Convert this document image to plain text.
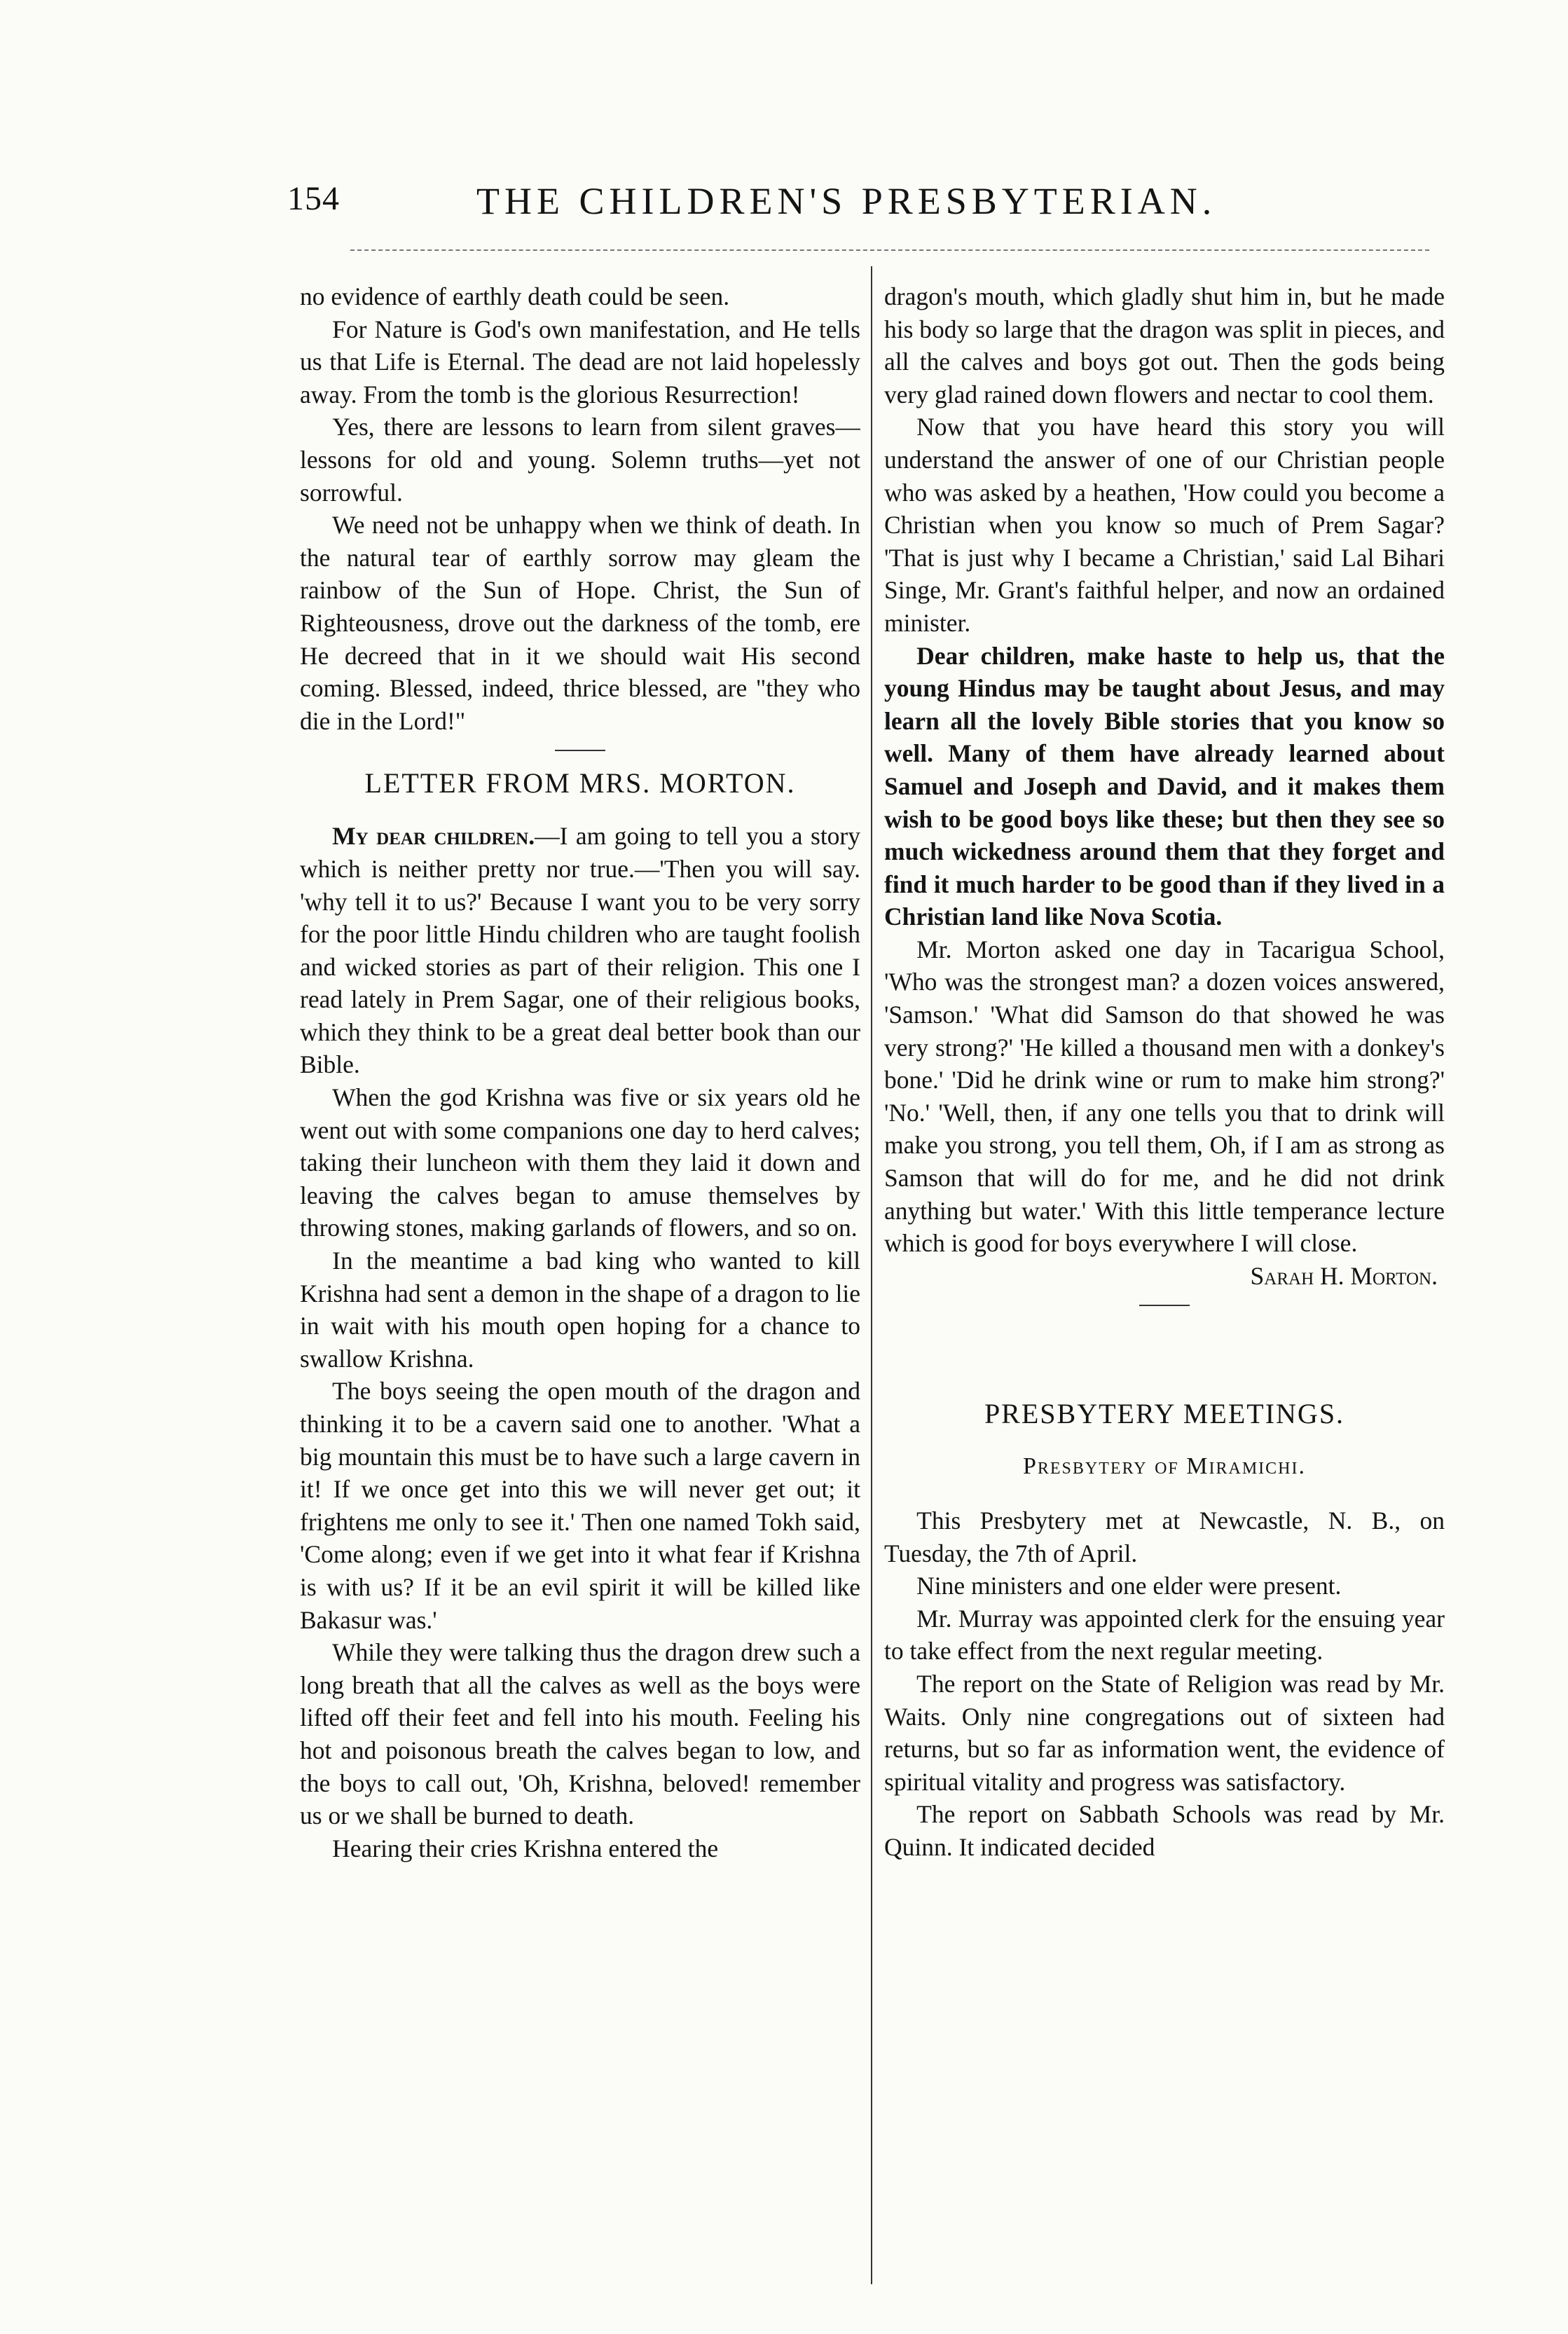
154	THE CHILDREN'S PRESBYTERIAN.

no evidence of earthly death could be seen.

For Nature is God's own manifestation, and He tells us that Life is Eternal. The dead are not laid hopelessly away. From the tomb is the glorious Resurrection!

Yes, there are lessons to learn from silent graves—lessons for old and young. Solemn truths—yet not sorrowful.

We need not be unhappy when we think of death. In the natural tear of earthly sorrow may gleam the rainbow of the Sun of Hope. Christ, the Sun of Righteousness, drove out the darkness of the tomb, ere He decreed that in it we should wait His second coming. Blessed, indeed, thrice blessed, are "they who die in the Lord!"

LETTER FROM MRS. MORTON.

My dear children.—I am going to tell you a story which is neither pretty nor true.—'Then you will say. 'why tell it to us?' Because I want you to be very sorry for the poor little Hindu children who are taught foolish and wicked stories as part of their religion. This one I read lately in Prem Sagar, one of their religious books, which they think to be a great deal better book than our Bible.

When the god Krishna was five or six years old he went out with some companions one day to herd calves; taking their luncheon with them they laid it down and leaving the calves began to amuse themselves by throwing stones, making garlands of flowers, and so on.

In the meantime a bad king who wanted to kill Krishna had sent a demon in the shape of a dragon to lie in wait with his mouth open hoping for a chance to swallow Krishna.

The boys seeing the open mouth of the dragon and thinking it to be a cavern said one to another. 'What a big mountain this must be to have such a large cavern in it! If we once get into this we will never get out; it frightens me only to see it.' Then one named Tokh said, 'Come along; even if we get into it what fear if Krishna is with us? If it be an evil spirit it will be killed like Bakasur was.'

While they were talking thus the dragon drew such a long breath that all the calves as well as the boys were lifted off their feet and fell into his mouth. Feeling his hot and poisonous breath the calves began to low, and the boys to call out, 'Oh, Krishna, beloved! remember us or we shall be burned to death.

Hearing their cries Krishna entered the

dragon's mouth, which gladly shut him in, but he made his body so large that the dragon was split in pieces, and all the calves and boys got out. Then the gods being very glad rained down flowers and nectar to cool them.

Now that you have heard this story you will understand the answer of one of our Christian people who was asked by a heathen, 'How could you become a Christian when you know so much of Prem Sagar? 'That is just why I became a Christian,' said Lal Bihari Singe, Mr. Grant's faithful helper, and now an ordained minister.

Dear children, make haste to help us, that the young Hindus may be taught about Jesus, and may learn all the lovely Bible stories that you know so well. Many of them have already learned about Samuel and Joseph and David, and it makes them wish to be good boys like these; but then they see so much wickedness around them that they forget and find it much harder to be good than if they lived in a Christian land like Nova Scotia.

Mr. Morton asked one day in Tacarigua School, 'Who was the strongest man? a dozen voices answered, 'Samson.' 'What did Samson do that showed he was very strong?' 'He killed a thousand men with a donkey's bone.' 'Did he drink wine or rum to make him strong?' 'No.' 'Well, then, if any one tells you that to drink will make you strong, you tell them, Oh, if I am as strong as Samson that will do for me, and he did not drink anything but water.' With this little temperance lecture which is good for boys everywhere I will close.

Sarah H. Morton.

PRESBYTERY MEETINGS.
Presbytery of Miramichi.

This Presbytery met at Newcastle, N. B., on Tuesday, the 7th of April.

Nine ministers and one elder were present.

Mr. Murray was appointed clerk for the ensuing year to take effect from the next regular meeting.

The report on the State of Religion was read by Mr. Waits. Only nine congregations out of sixteen had returns, but so far as information went, the evidence of spiritual vitality and progress was satisfactory.

The report on Sabbath Schools was read by Mr. Quinn. It indicated decided
